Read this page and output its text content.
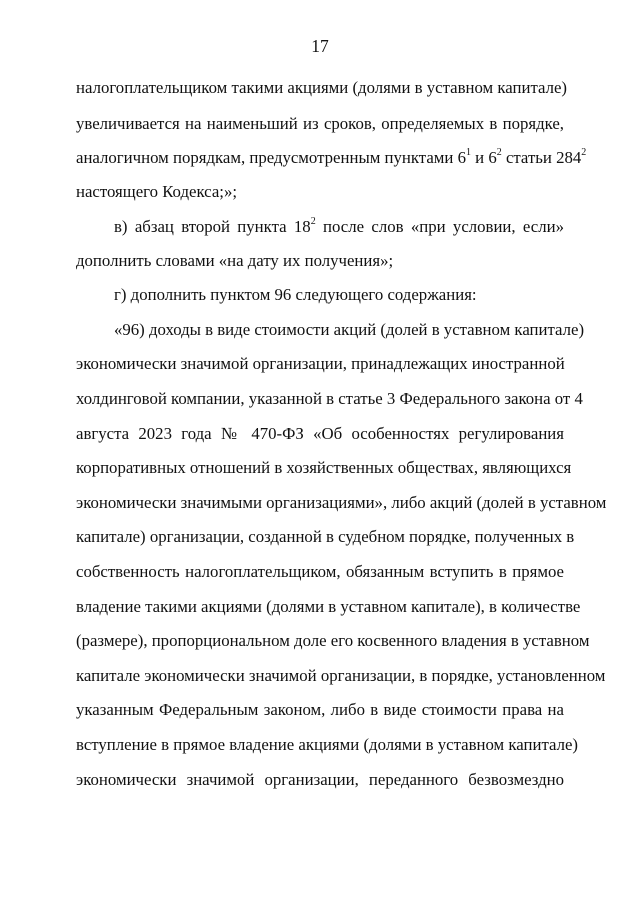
17
налогоплательщиком такими акциями (долями в уставном капитале)
увеличивается на наименьший из сроков, определяемых в порядке,
аналогичном порядкам, предусмотренным пунктами $6^1$ и $6^2$ статьи $284^2$
настоящего Кодекса;»;
в) абзац второй пункта $18^2$ после слов «при условии, если»
дополнить словами «на дату их получения»;
г) дополнить пунктом 96 следующего содержания:
«96) доходы в виде стоимости акций (долей в уставном капитале)
экономически значимой организации, принадлежащих иностранной
холдинговой компании, указанной в статье 3 Федерального закона от 4
августа 2023 года № 470-ФЗ «Об особенностях регулирования
корпоративных отношений в хозяйственных обществах, являющихся
экономически значимыми организациями», либо акций (долей в уставном
капитале) организации, созданной в судебном порядке, полученных в
собственность налогоплательщиком, обязанным вступить в прямое
владение такими акциями (долями в уставном капитале), в количестве
(размере), пропорциональном доле его косвенного владения в уставном
капитале экономически значимой организации, в порядке, установленном
указанным Федеральным законом, либо в виде стоимости права на
вступление в прямое владение акциями (долями в уставном капитале)
экономически значимой организации, переданного безвозмездно
